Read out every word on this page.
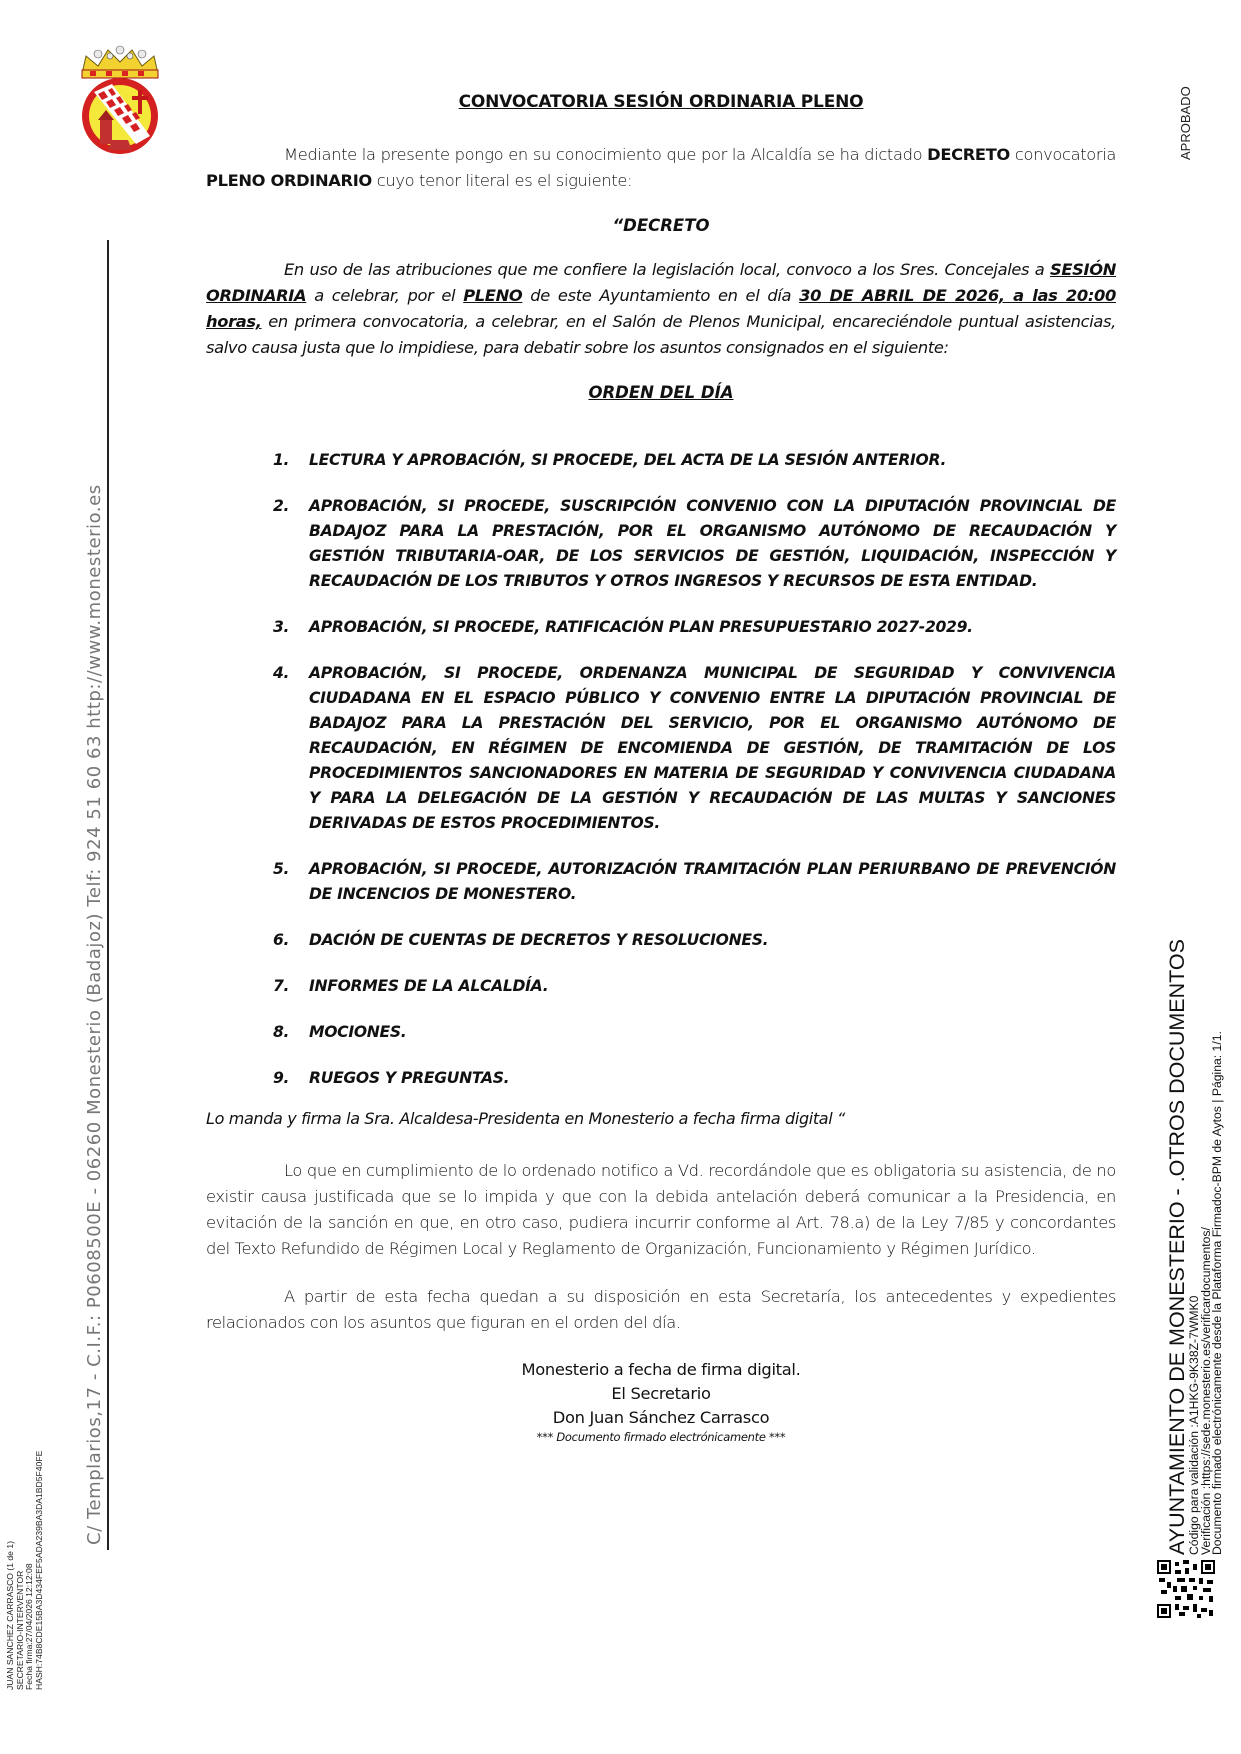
APROBADO
C/ Templarios,17 - C.I.F.: P0608500E - 06260 Monesterio (Badajoz) Telf: 924 51 60 63 http://www.monesterio.es
JUAN SANCHEZ CARRASCO (1 de 1) SECRETARIO-INTERVENTOR Fecha firma:27/04/2026 12:12:08 HASH:74B8CDE15BA3D434FEF5ADA239BA3DA1BD5F40FE
CONVOCATORIA SESIÓN ORDINARIA PLENO

Mediante la presente pongo en su conocimiento que por la Alcaldía se ha dictado DECRETO convocatoria PLENO ORDINARIO cuyo tenor literal es el siguiente:

“DECRETO

En uso de las atribuciones que me confiere la legislación local, convoco a los Sres. Concejales a SESIÓN ORDINARIA a celebrar, por el PLENO de este Ayuntamiento en el día 30 DE ABRIL DE 2026, a las 20:00 horas, en primera convocatoria, a celebrar, en el Salón de Plenos Municipal, encareciéndole puntual asistencias, salvo causa justa que lo impidiese, para debatir sobre los asuntos consignados en el siguiente:

ORDEN DEL DÍA
1.	LECTURA Y APROBACIÓN, SI PROCEDE, DEL ACTA DE LA SESIÓN ANTERIOR.
2.	APROBACIÓN, SI PROCEDE, SUSCRIPCIÓN CONVENIO CON LA DIPUTACIÓN PROVINCIAL DE BADAJOZ PARA LA PRESTACIÓN, POR EL ORGANISMO AUTÓNOMO DE RECAUDACIÓN Y GESTIÓN TRIBUTARIA-OAR, DE LOS SERVICIOS DE GESTIÓN, LIQUIDACIÓN, INSPECCIÓN Y RECAUDACIÓN DE LOS TRIBUTOS Y OTROS INGRESOS Y RECURSOS DE ESTA ENTIDAD.
3.	APROBACIÓN, SI PROCEDE, RATIFICACIÓN PLAN PRESUPUESTARIO 2027-2029.
4.	APROBACIÓN, SI PROCEDE, ORDENANZA MUNICIPAL DE SEGURIDAD Y CONVIVENCIA CIUDADANA EN EL ESPACIO PÚBLICO Y CONVENIO ENTRE LA DIPUTACIÓN PROVINCIAL DE BADAJOZ PARA LA PRESTACIÓN DEL SERVICIO, POR EL ORGANISMO AUTÓNOMO DE RECAUDACIÓN, EN RÉGIMEN DE ENCOMIENDA DE GESTIÓN, DE TRAMITACIÓN DE LOS PROCEDIMIENTOS SANCIONADORES EN MATERIA DE SEGURIDAD Y CONVIVENCIA CIUDADANA Y PARA LA DELEGACIÓN DE LA GESTIÓN Y RECAUDACIÓN DE LAS MULTAS Y SANCIONES DERIVADAS DE ESTOS PROCEDIMIENTOS.
5.	APROBACIÓN, SI PROCEDE, AUTORIZACIÓN TRAMITACIÓN PLAN PERIURBANO DE PREVENCIÓN DE INCENCIOS DE MONESTERO.
6.	DACIÓN DE CUENTAS DE DECRETOS Y RESOLUCIONES.
7.	INFORMES DE LA ALCALDÍA.
8.	MOCIONES.
9.	RUEGOS Y PREGUNTAS.

Lo manda y firma la Sra. Alcaldesa-Presidenta en Monesterio a fecha firma digital “

Lo que en cumplimiento de lo ordenado notifico a Vd. recordándole que es obligatoria su asistencia, de no existir causa justificada que se lo impida y que con la debida antelación deberá comunicar a la Presidencia, en evitación de la sanción en que, en otro caso, pudiera incurrir conforme al Art. 78.a) de la Ley 7/85 y concordantes del Texto Refundido de Régimen Local y Reglamento de Organización, Funcionamiento y Régimen Jurídico.

A partir de esta fecha quedan a su disposición en esta Secretaría, los antecedentes y expedientes relacionados con los asuntos que figuran en el orden del día.

Monesterio a fecha de firma digital.
El Secretario
Don Juan Sánchez Carrasco
*** Documento firmado electrónicamente ***	AYUNTAMIENTO DE MONESTERIO - .OTROS DOCUMENTOS
Código para validación :A1HKG-9K38Z-7WMK0
Verificación :https://sede.monesterio.es/verificardocumentos/
Documento firmado electrónicamente desde la Plataforma Firmadoc-BPM de Aytos | Página: 1/1.
